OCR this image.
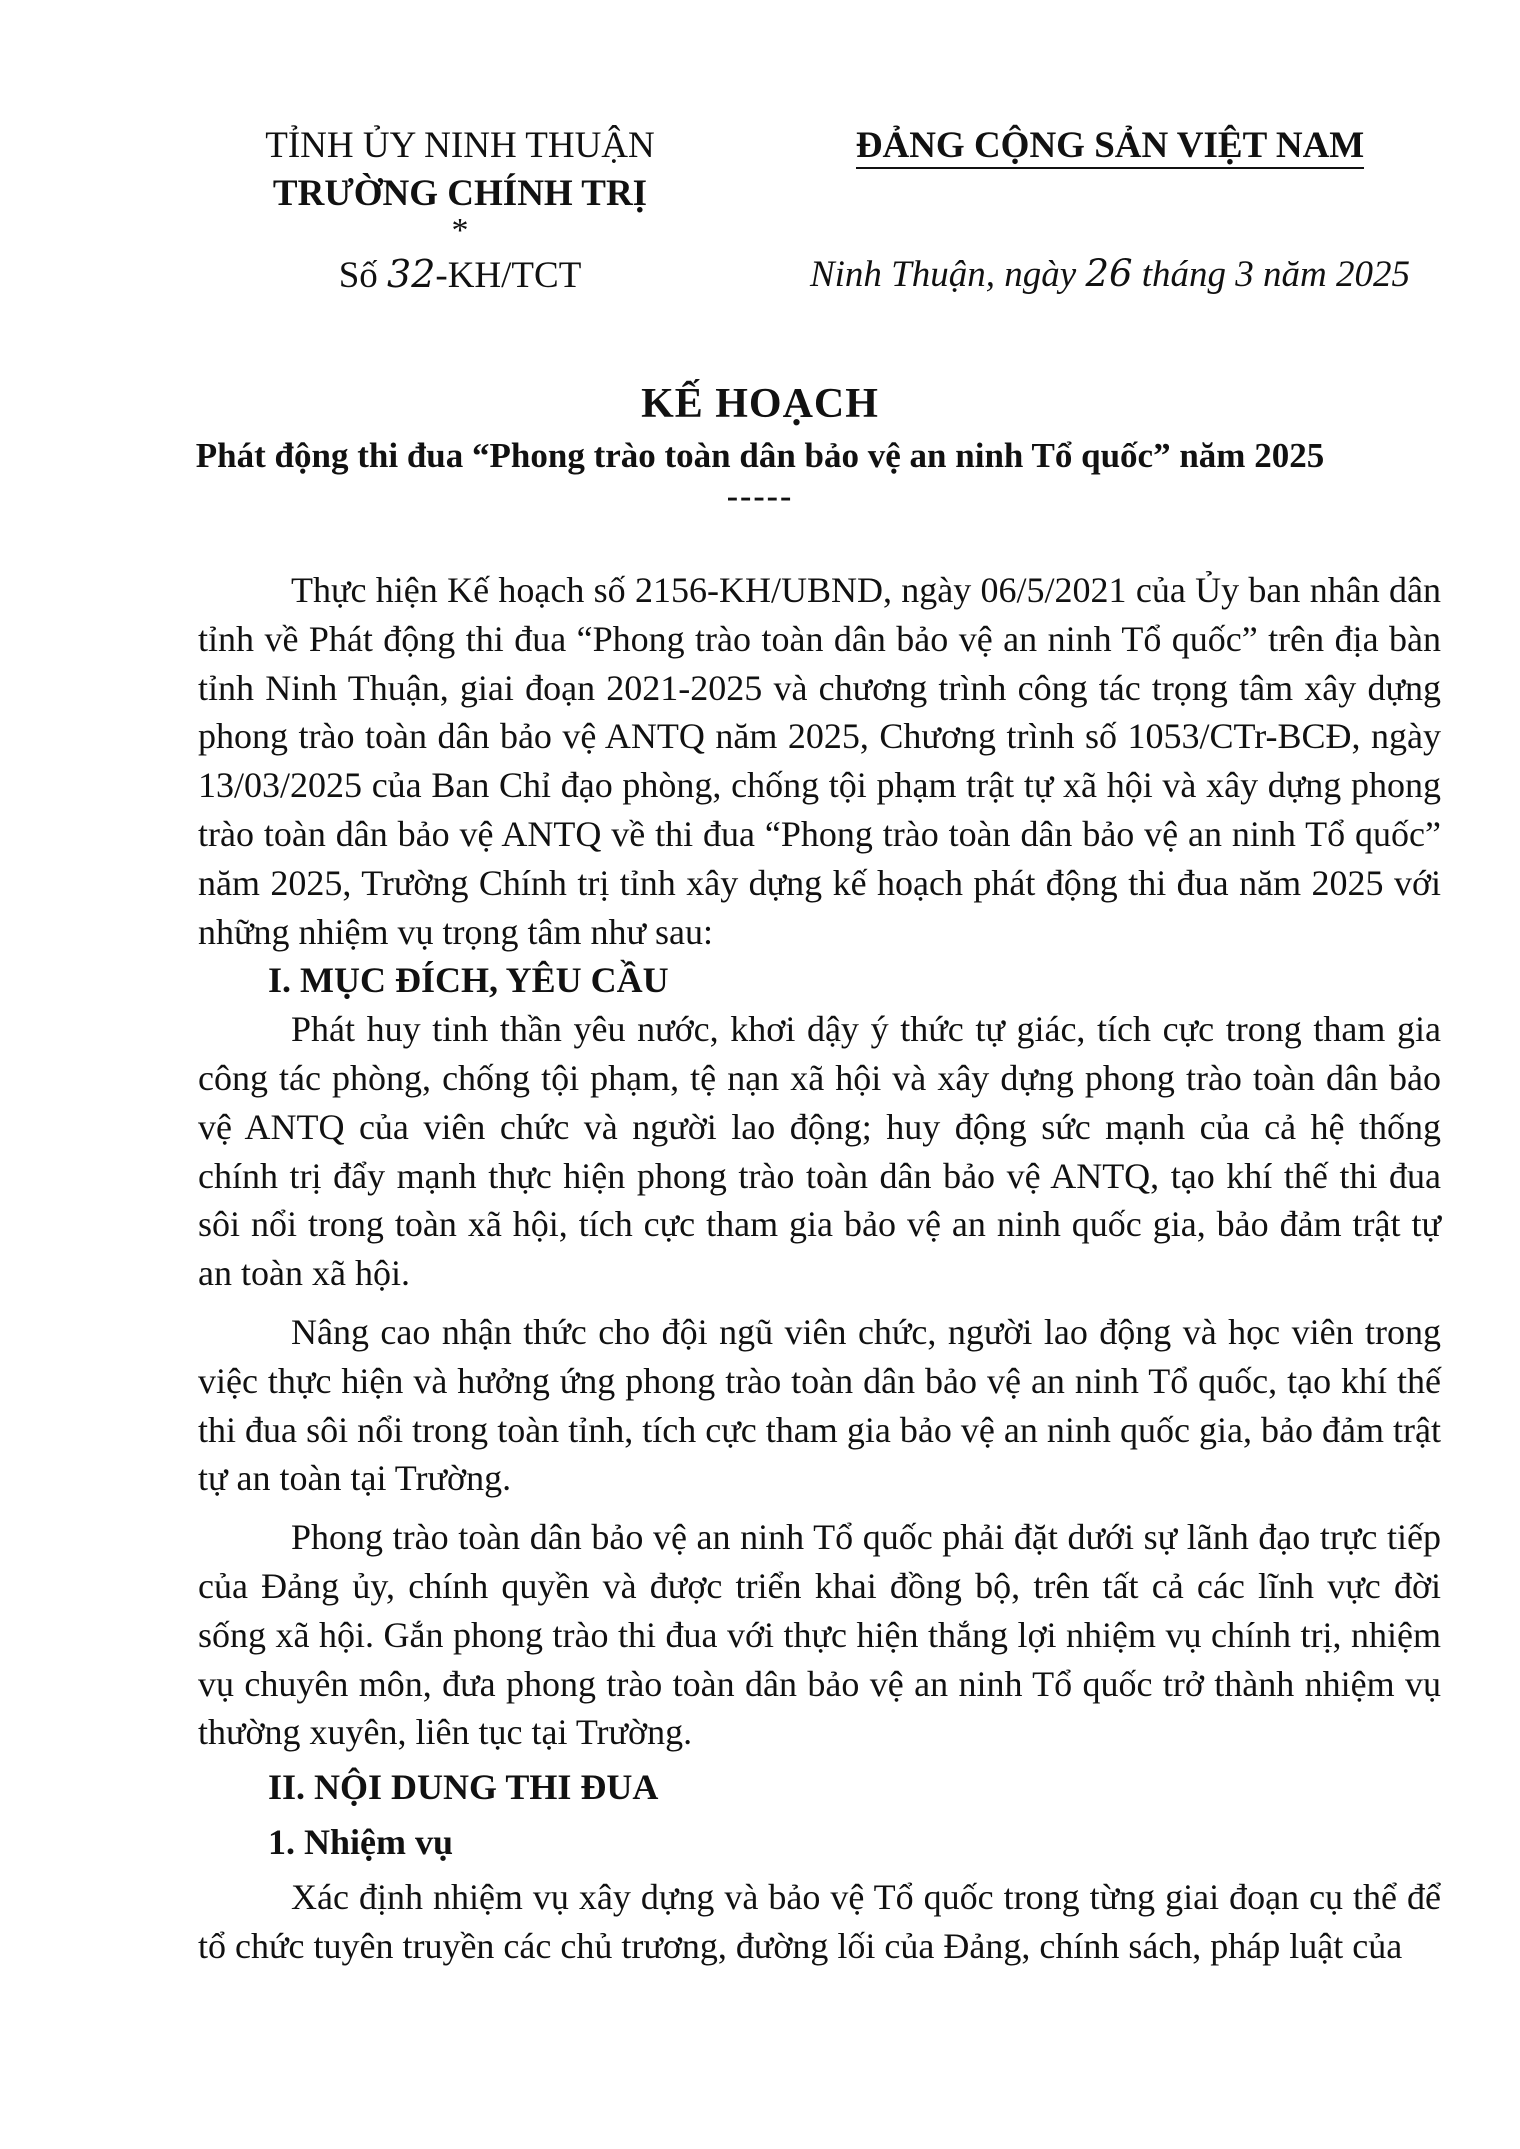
TỈNH ỦY NINH THUẬN
TRƯỜNG CHÍNH TRỊ
*
Số 32-KH/TCT
ĐẢNG CỘNG SẢN VIỆT NAM
Ninh Thuận, ngày 26 tháng 3 năm 2025
KẾ HOẠCH
Phát động thi đua “Phong trào toàn dân bảo vệ an ninh Tổ quốc” năm 2025
-----

Thực hiện Kế hoạch số 2156-KH/UBND, ngày 06/5/2021 của Ủy ban nhân dân tỉnh về Phát động thi đua “Phong trào toàn dân bảo vệ an ninh Tổ quốc” trên địa bàn tỉnh Ninh Thuận, giai đoạn 2021-2025 và chương trình công tác trọng tâm xây dựng phong trào toàn dân bảo vệ ANTQ năm 2025, Chương trình số 1053/CTr-BCĐ, ngày 13/03/2025 của Ban Chỉ đạo phòng, chống tội phạm trật tự xã hội và xây dựng phong trào toàn dân bảo vệ ANTQ về thi đua “Phong trào toàn dân bảo vệ an ninh Tổ quốc” năm 2025, Trường Chính trị tỉnh xây dựng kế hoạch phát động thi đua năm 2025 với những nhiệm vụ trọng tâm như sau:

I. MỤC ĐÍCH, YÊU CẦU

Phát huy tinh thần yêu nước, khơi dậy ý thức tự giác, tích cực trong tham gia công tác phòng, chống tội phạm, tệ nạn xã hội và xây dựng phong trào toàn dân bảo vệ ANTQ của viên chức và người lao động; huy động sức mạnh của cả hệ thống chính trị đẩy mạnh thực hiện phong trào toàn dân bảo vệ ANTQ, tạo khí thế thi đua sôi nổi trong toàn xã hội, tích cực tham gia bảo vệ an ninh quốc gia, bảo đảm trật tự an toàn xã hội.

Nâng cao nhận thức cho đội ngũ viên chức, người lao động và học viên trong việc thực hiện và hưởng ứng phong trào toàn dân bảo vệ an ninh Tổ quốc, tạo khí thế thi đua sôi nổi trong toàn tỉnh, tích cực tham gia bảo vệ an ninh quốc gia, bảo đảm trật tự an toàn tại Trường.

Phong trào toàn dân bảo vệ an ninh Tổ quốc phải đặt dưới sự lãnh đạo trực tiếp của Đảng ủy, chính quyền và được triển khai đồng bộ, trên tất cả các lĩnh vực đời sống xã hội. Gắn phong trào thi đua với thực hiện thắng lợi nhiệm vụ chính trị, nhiệm vụ chuyên môn, đưa phong trào toàn dân bảo vệ an ninh Tổ quốc trở thành nhiệm vụ thường xuyên, liên tục tại Trường.

II. NỘI DUNG THI ĐUA
1. Nhiệm vụ

Xác định nhiệm vụ xây dựng và bảo vệ Tổ quốc trong từng giai đoạn cụ thể để tổ chức tuyên truyền các chủ trương, đường lối của Đảng, chính sách, pháp luật của
